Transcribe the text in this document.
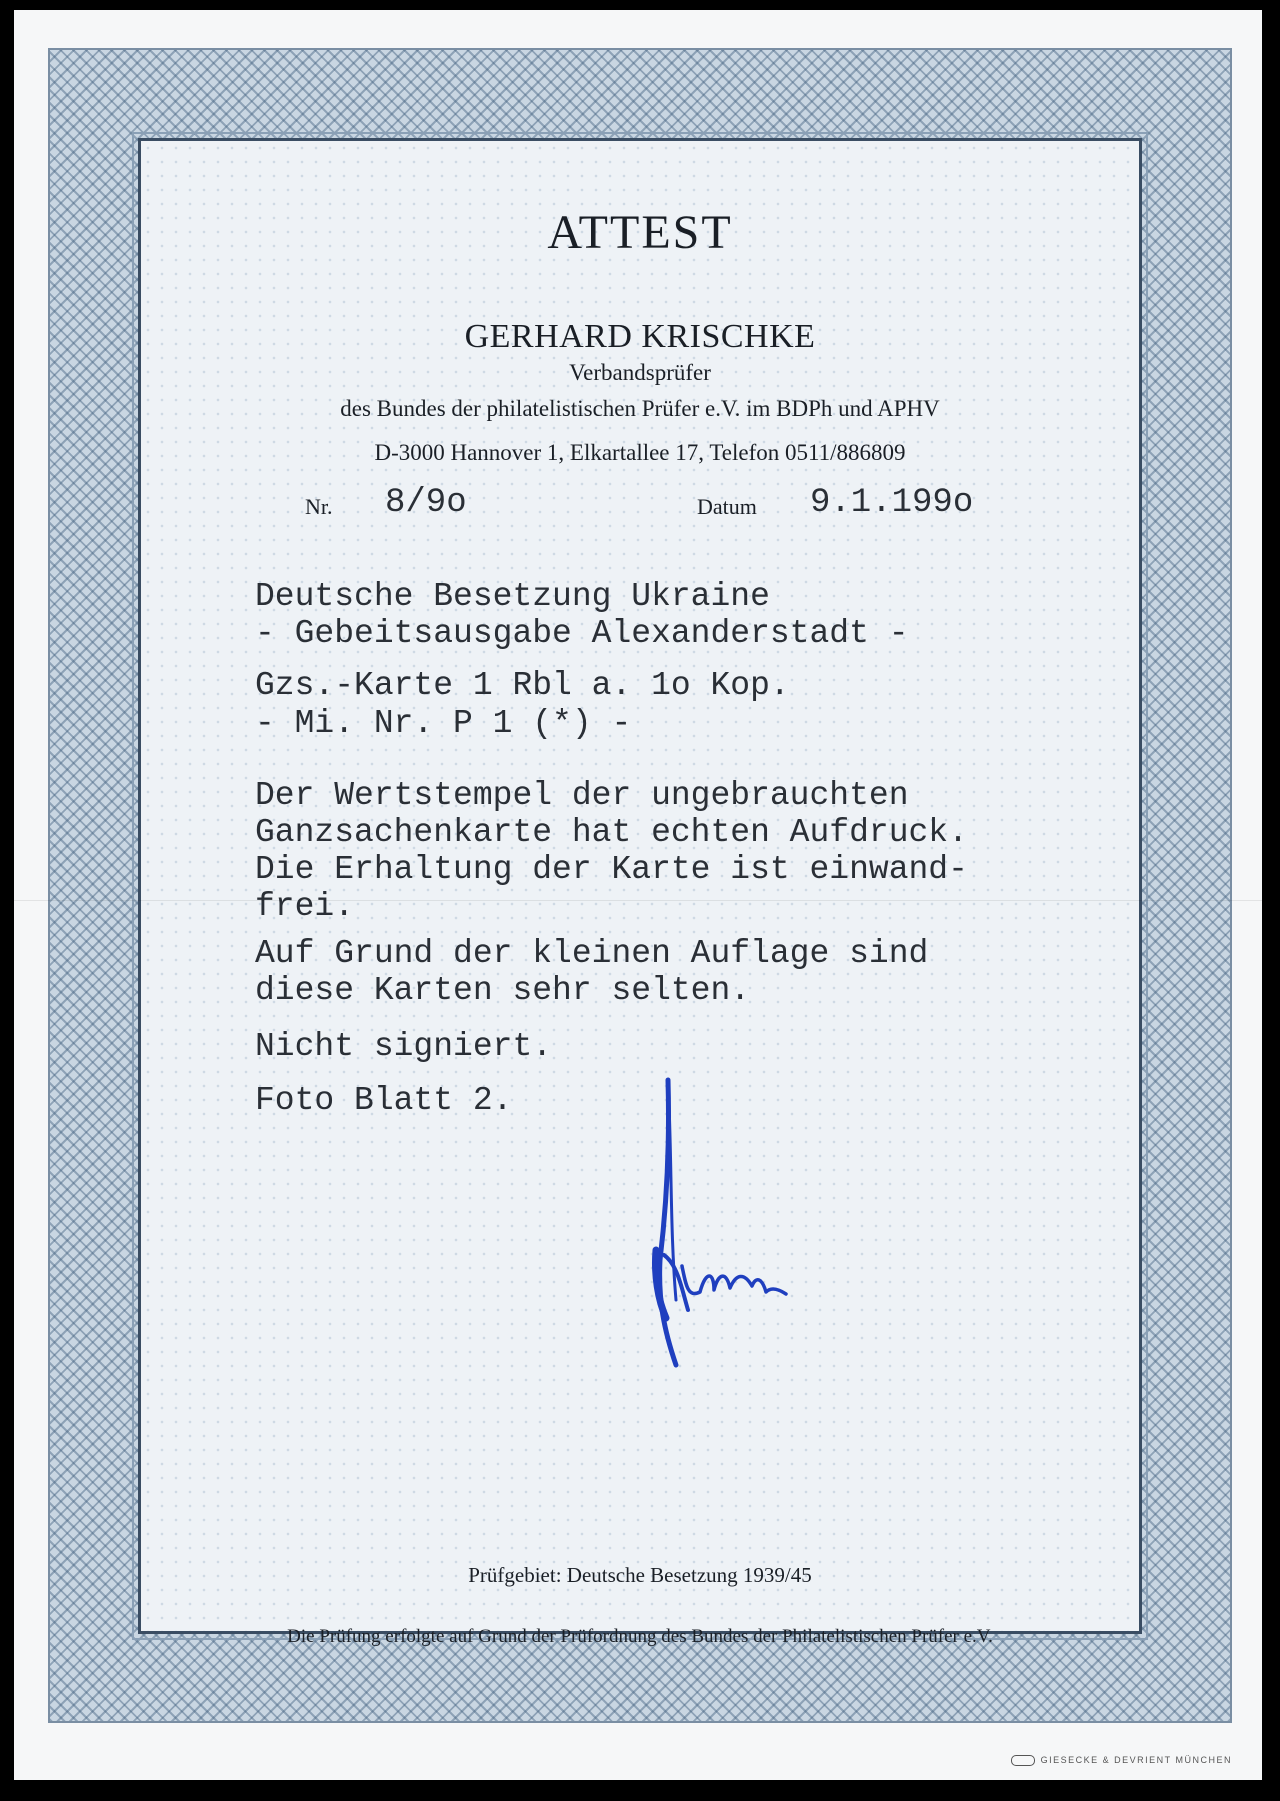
ATTEST
GERHARD KRISCHKE
Verbandsprüfer
des Bundes der philatelistischen Prüfer e.V. im BDPh und APHV
D-3000 Hannover 1, Elkartallee 17, Telefon 0511/886809
Nr. 8/9o	Datum 9.1.199o
Deutsche Besetzung Ukraine
- Gebeitsausgabe Alexanderstadt -
Gzs.-Karte 1 Rbl a. 1o Kop.
- Mi. Nr. P 1 (*) -
Der Wertstempel der ungebrauchten
Ganzsachenkarte hat echten Aufdruck.
Die Erhaltung der Karte ist einwand-
frei.
Auf Grund der kleinen Auflage sind
diese Karten sehr selten.
Nicht signiert.
Foto Blatt 2.
Prüfgebiet: Deutsche Besetzung 1939/45
Die Prüfung erfolgte auf Grund der Prüfordnung des Bundes der Philatelistischen Prüfer e.V.
GIESECKE & DEVRIENT MÜNCHEN
